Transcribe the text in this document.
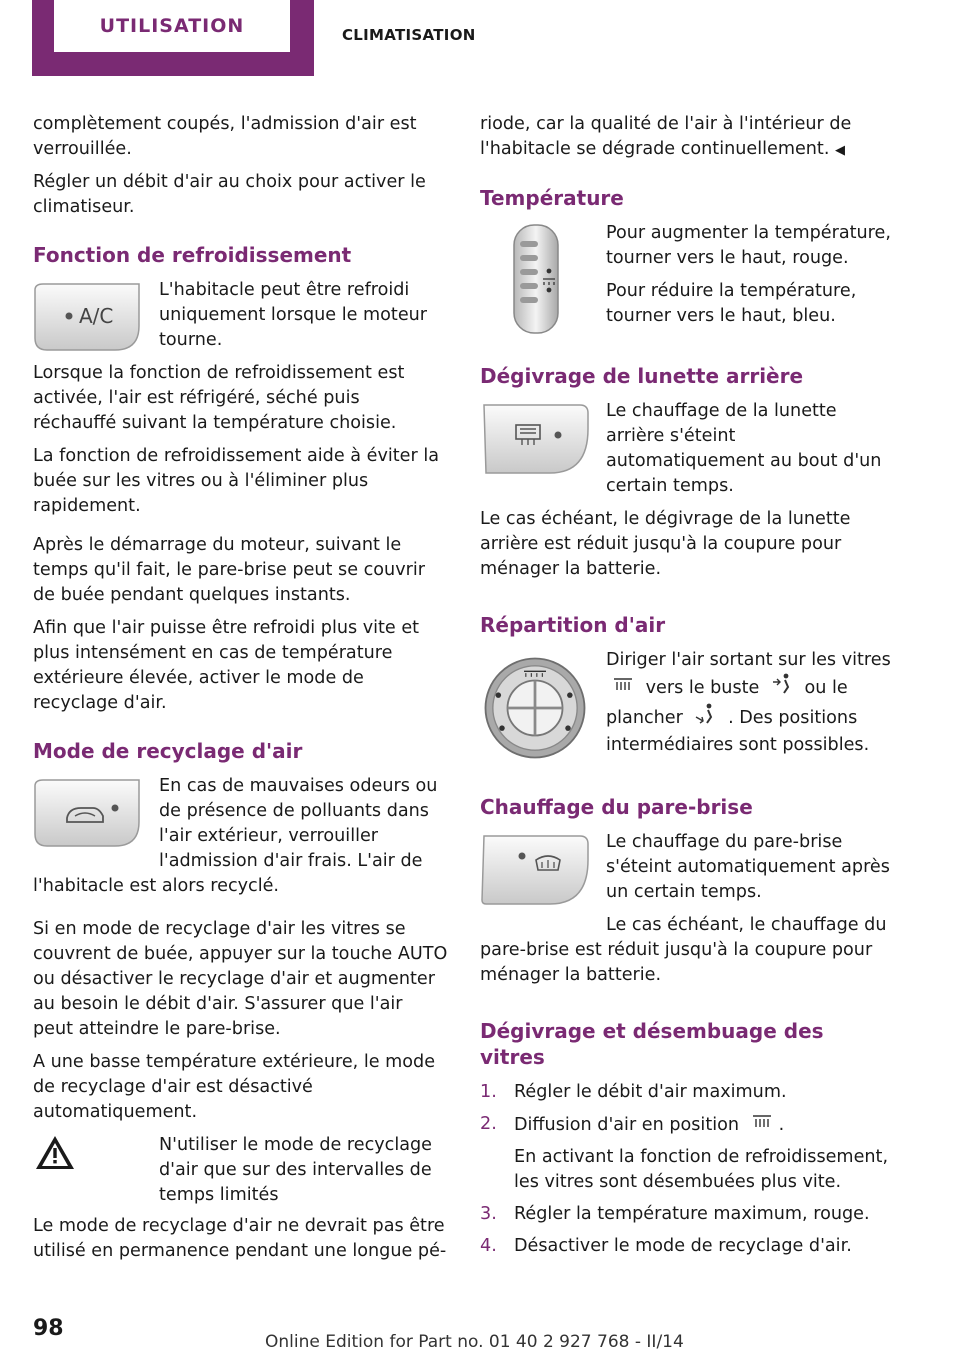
UTILISATION	CLIMATISATION

complètement coupés, l'admission d'air est verrouillée.

Régler un débit d'air au choix pour activer le climatiseur.

Fonction de refroidissement
A/C

L'habitacle peut être refroidi uniquement lorsque le moteur tourne.

Lorsque la fonction de refroidissement est activée, l'air est réfrigéré, séché puis réchauffé suivant la température choisie.

La fonction de refroidissement aide à éviter la buée sur les vitres ou à l'éliminer plus rapidement.

Après le démarrage du moteur, suivant le temps qu'il fait, le pare-brise peut se couvrir de buée pendant quelques instants.

Afin que l'air puisse être refroidi plus vite et plus intensément en cas de température extérieure élevée, activer le mode de recyclage d'air.

Mode de recyclage d'air

En cas de mauvaises odeurs ou de présence de polluants dans l'air extérieur, verrouiller l'admission d'air frais. L'air de l'habitacle est alors recyclé.

Si en mode de recyclage d'air les vitres se couvrent de buée, appuyer sur la touche AUTO ou désactiver le recyclage d'air et augmenter au besoin le débit d'air. S'assurer que l'air peut atteindre le pare-brise.

A une basse température extérieure, le mode de recyclage d'air est désactivé automatiquement.

N'utiliser le mode de recyclage d'air que sur des intervalles de temps limités

Le mode de recyclage d'air ne devrait pas être utilisé en permanence pendant une longue pé-

riode, car la qualité de l'air à l'intérieur de l'habitacle se dégrade continuellement. ◀

Température

Pour augmenter la température, tourner vers le haut, rouge.

Pour réduire la température, tourner vers le haut, bleu.

Dégivrage de lunette arrière

Le chauffage de la lunette arrière s'éteint automatiquement au bout d'un certain temps.

Le cas échéant, le dégivrage de la lunette arrière est réduit jusqu'à la coupure pour ménager la batterie.

Répartition d'air

Diriger l'air sortant sur les vitres  vers le buste	ou le plancher	. Des positions intermédiaires sont possibles.

Chauffage du pare-brise

Le chauffage du pare-brise s'éteint automatiquement après un certain temps.

Le cas échéant, le chauffage du pare-brise est réduit jusqu'à la coupure pour ménager la batterie.

Dégivrage et désembuage des vitres
1. Régler le débit d'air maximum.
2. Diffusion d'air en position .

En activant la fonction de refroidissement, les vitres sont désembuées plus vite.

3. Régler la température maximum, rouge.
4. Désactiver le mode de recyclage d'air.
98
Online Edition for Part no. 01 40 2 927 768 - II/14
